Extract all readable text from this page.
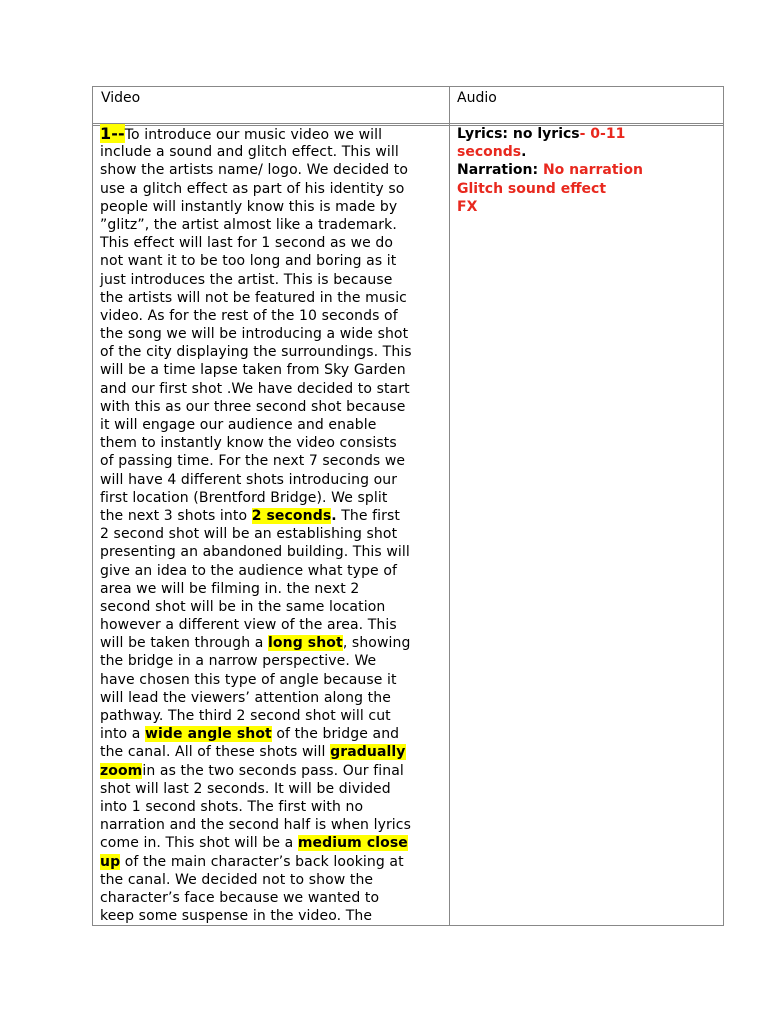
Video	Audio
1--To introduce our music video we will
include a sound and glitch effect. This will
show the artists name/ logo. We decided to
use a glitch effect as part of his identity so
people will instantly know this is made by
”glitz”, the artist almost like a trademark.
This effect will last for 1 second as we do
not want it to be too long and boring as it
just introduces the artist. This is because
the artists will not be featured in the music
video. As for the rest of the 10 seconds of
the song we will be introducing a wide shot
of the city displaying the surroundings. This
will be a time lapse taken from Sky Garden
and our first shot .We have decided to start
with this as our three second shot because
it will engage our audience and enable
them to instantly know the video consists
of passing time. For the next 7 seconds we
will have 4 different shots introducing our
first location (Brentford Bridge). We split
the next 3 shots into 2 seconds. The first
2 second shot will be an establishing shot
presenting an abandoned building. This will
give an idea to the audience what type of
area we will be filming in. the next 2
second shot will be in the same location
however a different view of the area. This
will be taken through a long shot, showing
the bridge in a narrow perspective. We
have chosen this type of angle because it
will lead the viewers’ attention along the
pathway. The third 2 second shot will cut
into a wide angle shot of the bridge and
the canal. All of these shots will gradually
zoomin as the two seconds pass. Our final
shot will last 2 seconds. It will be divided
into 1 second shots. The first with no
narration and the second half is when lyrics
come in. This shot will be a medium close
up of the main character’s back looking at
the canal. We decided not to show the
character’s face because we wanted to
keep some suspense in the video. The
Lyrics: no lyrics- 0-11
seconds.
Narration: No narration
Glitch sound effect
FX
